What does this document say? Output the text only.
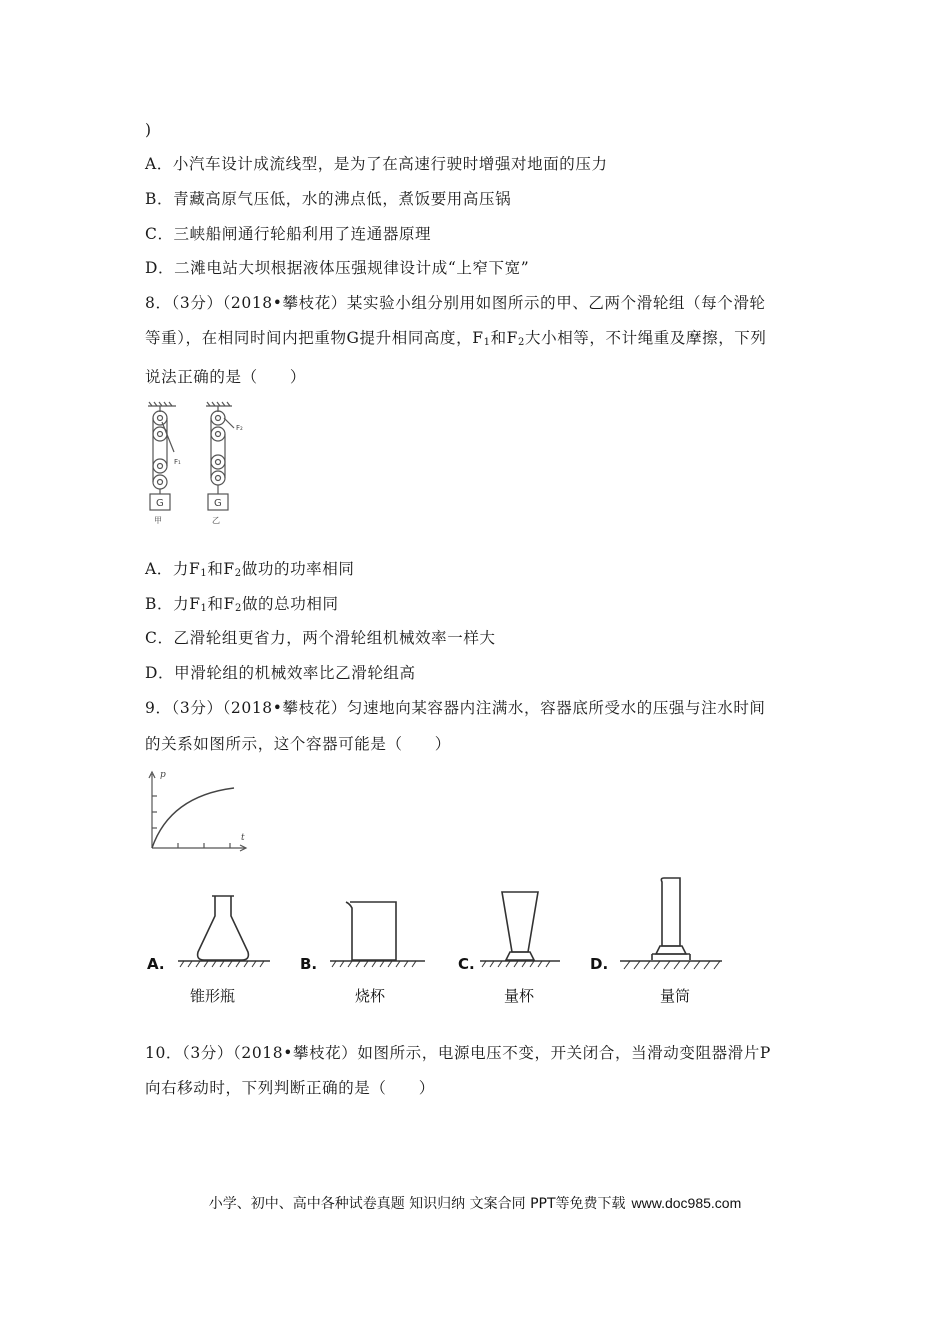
)
A．小汽车设计成流线型，是为了在高速行驶时增强对地面的压力
B．青藏高原气压低，水的沸点低，煮饭要用高压锅
C．三峡船闸通行轮船利用了连通器原理
D．二滩电站大坝根据液体压强规律设计成“上窄下宽”
8．（3分）（2018•攀枝花）某实验小组分别用如图所示的甲、乙两个滑轮组（每个滑轮
等重），在相同时间内把重物G提升相同高度，$F_1$和$F_2$大小相等，不计绳重及摩擦，下列
说法正确的是（　　）
G	G
F₁
F₂
甲	乙
A．力$F_1$和$F_2$做功的功率相同
B．力$F_1$和$F_2$做的总功相同
C．乙滑轮组更省力，两个滑轮组机械效率一样大
D．甲滑轮组的机械效率比乙滑轮组高
9．（3分）（2018•攀枝花）匀速地向某容器内注满水，容器底所受水的压强与注水时间
的关系如图所示，这个容器可能是（　　）
p
t
A.	B.	C.	D.
锥形瓶	烧杯	量杯	量筒
10．（3分）（2018•攀枝花）如图所示，电源电压不变，开关闭合，当滑动变阻器滑片P
向右移动时，下列判断正确的是（　　）
小学、初中、高中各种试卷真题 知识归纳 文案合同 PPT等免费下载 www.doc985.com
